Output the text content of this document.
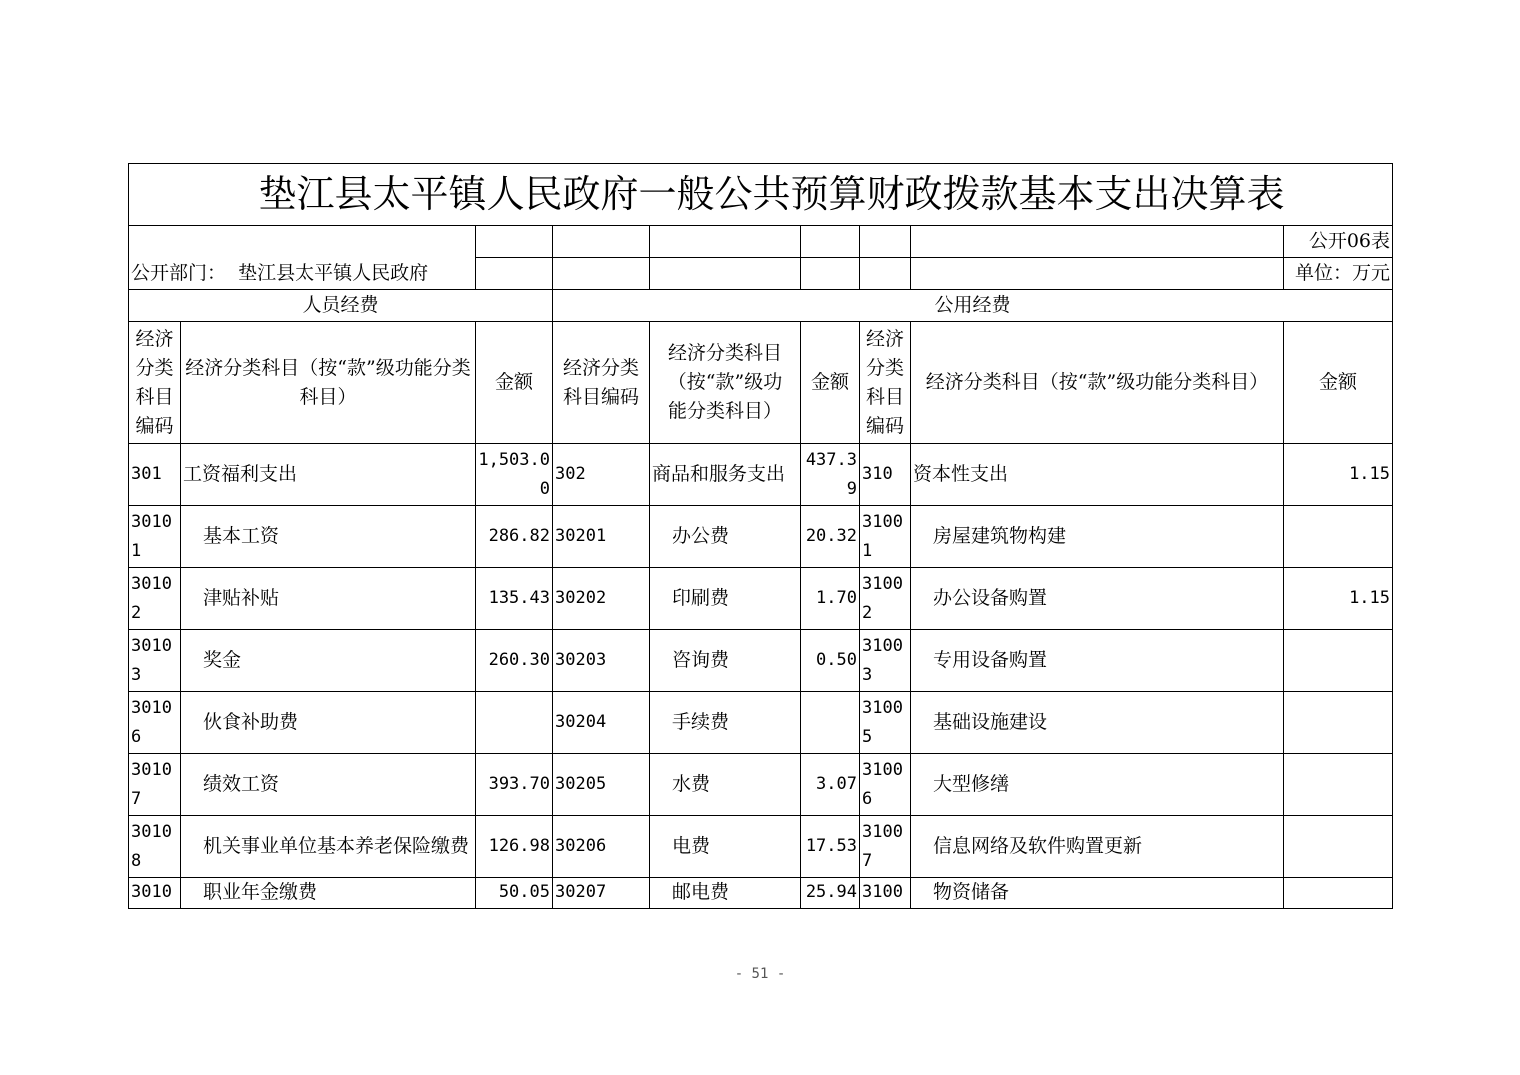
垫江县太平镇人民政府一般公共预算财政拨款基本支出决算表								
								公开06表
公开部门： 垫江县太平镇人民政府								单位：万元
人员经费			公用经费					
经济分类科目编码	经济分类科目（按“款”级功能分类科目）	金额	经济分类科目编码	经济分类科目（按“款”级功能分类科目）	金额	经济分类科目编码	经济分类科目（按“款”级功能分类科目）	金额
301	工资福利支出	1,503.00	302	商品和服务支出	437.39	310	资本性支出	1.15
30101	基本工资	286.82	30201	办公费	20.32	31001	房屋建筑物构建	
30102	津贴补贴	135.43	30202	印刷费	1.70	31002	办公设备购置	1.15
30103	奖金	260.30	30203	咨询费	0.50	31003	专用设备购置	
30106	伙食补助费		30204	手续费		31005	基础设施建设	
30107	绩效工资	393.70	30205	水费	3.07	31006	大型修缮	
30108	机关事业单位基本养老保险缴费	126.98	30206	电费	17.53	31007	信息网络及软件购置更新	
3010	职业年金缴费	50.05	30207	邮电费	25.94	3100	物资储备	
- 51 -
